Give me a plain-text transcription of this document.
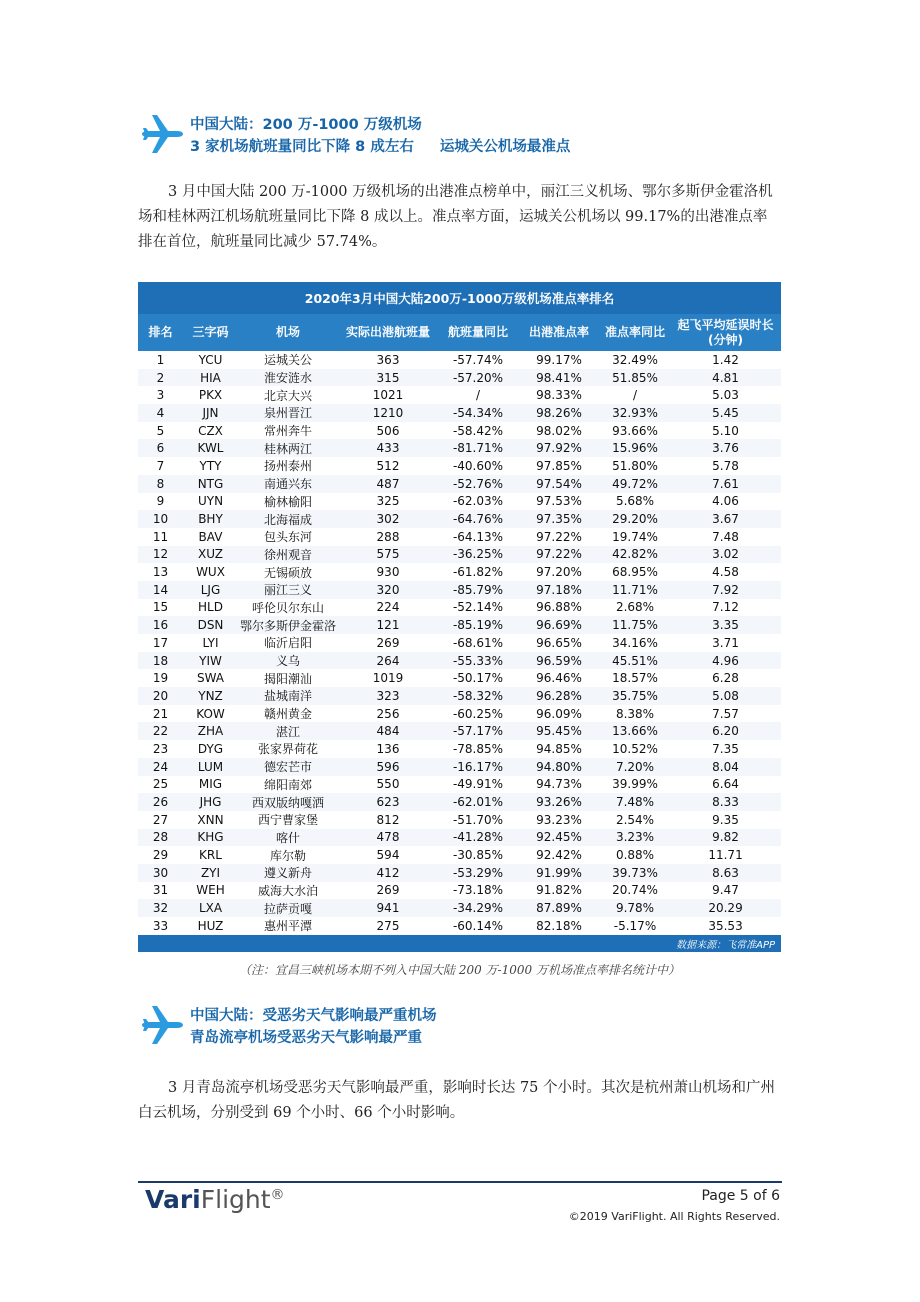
中国大陆：200 万-1000 万级机场
3 家机场航班量同比下降 8 成左右 运城关公机场最准点

3 月中国大陆 200 万-1000 万级机场的出港准点榜单中，丽江三义机场、鄂尔多斯伊金霍洛机场和桂林两江机场航班量同比下降 8 成以上。准点率方面，运城关公机场以 99.17%的出港准点率排在首位，航班量同比减少 57.74%。

2020年3月中国大陆200万-1000万级机场准点率排名							
排名	三字码	机场	实际出港航班量	航班量同比	出港准点率	准点率同比	起飞平均延误时长
(分钟)

1	YCU	运城关公	363	-57.74%	99.17%	32.49%	1.42
2	HIA	淮安涟水	315	-57.20%	98.41%	51.85%	4.81
3	PKX	北京大兴	1021	/	98.33%	/	5.03
4	JJN	泉州晋江	1210	-54.34%	98.26%	32.93%	5.45
5	CZX	常州奔牛	506	-58.42%	98.02%	93.66%	5.10
6	KWL	桂林两江	433	-81.71%	97.92%	15.96%	3.76
7	YTY	扬州泰州	512	-40.60%	97.85%	51.80%	5.78
8	NTG	南通兴东	487	-52.76%	97.54%	49.72%	7.61
9	UYN	榆林榆阳	325	-62.03%	97.53%	5.68%	4.06
10	BHY	北海福成	302	-64.76%	97.35%	29.20%	3.67
11	BAV	包头东河	288	-64.13%	97.22%	19.74%	7.48
12	XUZ	徐州观音	575	-36.25%	97.22%	42.82%	3.02
13	WUX	无锡硕放	930	-61.82%	97.20%	68.95%	4.58
14	LJG	丽江三义	320	-85.79%	97.18%	11.71%	7.92
15	HLD	呼伦贝尔东山	224	-52.14%	96.88%	2.68%	7.12
16	DSN	鄂尔多斯伊金霍洛	121	-85.19%	96.69%	11.75%	3.35
17	LYI	临沂启阳	269	-68.61%	96.65%	34.16%	3.71
18	YIW	义乌	264	-55.33%	96.59%	45.51%	4.96
19	SWA	揭阳潮汕	1019	-50.17%	96.46%	18.57%	6.28
20	YNZ	盐城南洋	323	-58.32%	96.28%	35.75%	5.08
21	KOW	赣州黄金	256	-60.25%	96.09%	8.38%	7.57
22	ZHA	湛江	484	-57.17%	95.45%	13.66%	6.20
23	DYG	张家界荷花	136	-78.85%	94.85%	10.52%	7.35
24	LUM	德宏芒市	596	-16.17%	94.80%	7.20%	8.04
25	MIG	绵阳南郊	550	-49.91%	94.73%	39.99%	6.64
26	JHG	西双版纳嘎洒	623	-62.01%	93.26%	7.48%	8.33
27	XNN	西宁曹家堡	812	-51.70%	93.23%	2.54%	9.35
28	KHG	喀什	478	-41.28%	92.45%	3.23%	9.82
29	KRL	库尔勒	594	-30.85%	92.42%	0.88%	11.71
30	ZYI	遵义新舟	412	-53.29%	91.99%	39.73%	8.63
31	WEH	威海大水泊	269	-73.18%	91.82%	20.74%	9.47
32	LXA	拉萨贡嘎	941	-34.29%	87.89%	9.78%	20.29
33	HUZ	惠州平潭	275	-60.14%	82.18%	-5.17%	35.53
数据来源：飞常准APP							
（注：宜昌三峡机场本期不列入中国大陆 200 万-1000 万机场准点率排名统计中）
中国大陆：受恶劣天气影响最严重机场
青岛流亭机场受恶劣天气影响最严重

3 月青岛流亭机场受恶劣天气影响最严重，影响时长达 75 个小时。其次是杭州萧山机场和广州白云机场，分别受到 69 个小时、66 个小时影响。

VariFlight®	Page 5 of 6
©2019 VariFlight. All Rights Reserved.
